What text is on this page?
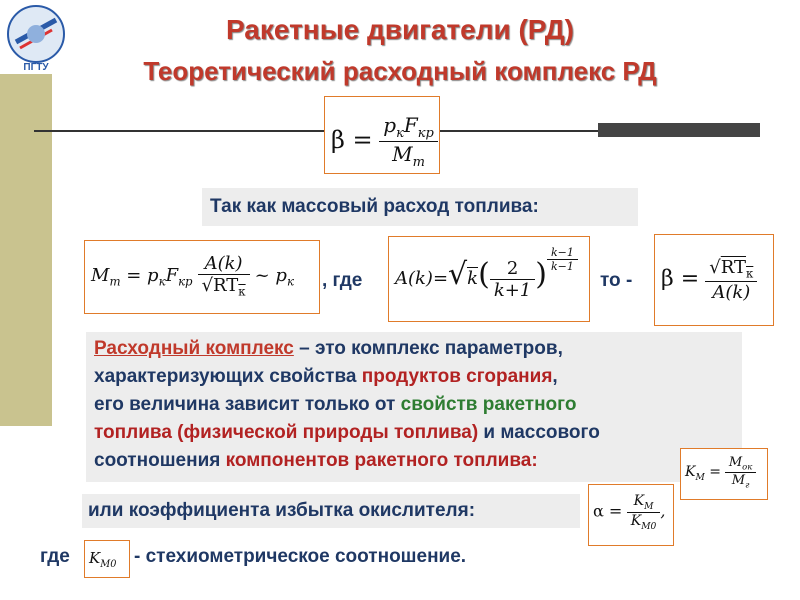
ПГТУ
Ракетные двигатели (РД)
Теоретический расходный комплекс РД
$\beta = \frac{p_кF_{кр}}{M_т}$
Так как массовый расход топлива:
$M_т = p_кF_{кр} \frac{A(k)}{√RT_к}$ ~ $p_к$ , где $A(k)=√k( \frac{2}{k+1}$ ) $\frac{k-1}{k-1}$
то - $\beta = \frac{√RT_к}{A(k)}$
Расходный комплекс – это комплекс параметров,
характеризующих свойства продуктов сгорания,
его величина зависит только от свойств ракетного
топлива (физической природы топлива) и массового
соотношения компонентов ракетного топлива:
$K_M = \frac{M_{ок}}{M_г}$
или коэффициента избытка окислителя:	$\alpha = \frac{K_M}{K_{M0}}$ ,
где $K_{M0}$ - стехиометрическое соотношение.
